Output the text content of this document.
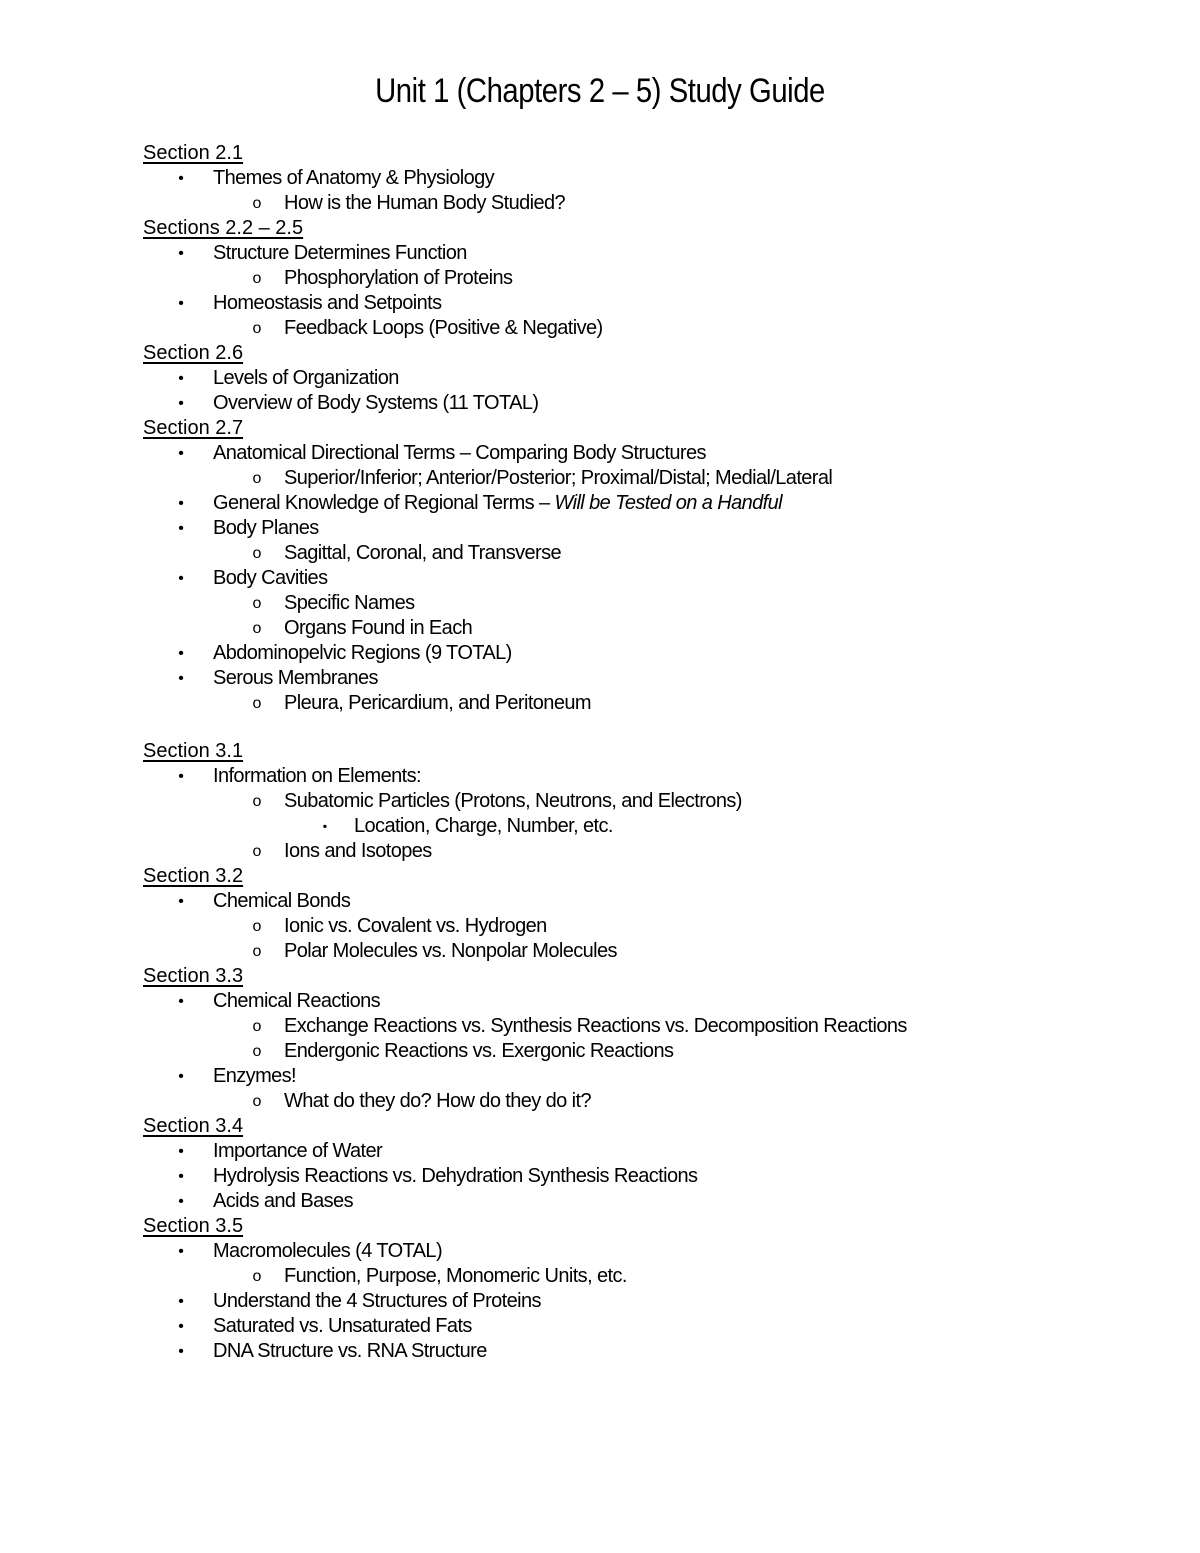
Unit 1 (Chapters 2 – 5) Study Guide
Section 2.1
• Themes of Anatomy & Physiology
o How is the Human Body Studied?
Sections 2.2 – 2.5
• Structure Determines Function
o Phosphorylation of Proteins
• Homeostasis and Setpoints
o Feedback Loops (Positive & Negative)
Section 2.6
• Levels of Organization
• Overview of Body Systems (11 TOTAL)
Section 2.7
• Anatomical Directional Terms – Comparing Body Structures
o Superior/Inferior; Anterior/Posterior; Proximal/Distal; Medial/Lateral
• General Knowledge of Regional Terms – Will be Tested on a Handful
• Body Planes
o Sagittal, Coronal, and Transverse
• Body Cavities
o Specific Names
o Organs Found in Each
• Abdominopelvic Regions (9 TOTAL)
• Serous Membranes
o Pleura, Pericardium, and Peritoneum
Section 3.1
• Information on Elements:
o Subatomic Particles (Protons, Neutrons, and Electrons)
▪ Location, Charge, Number, etc.
o Ions and Isotopes
Section 3.2
• Chemical Bonds
o Ionic vs. Covalent vs. Hydrogen
o Polar Molecules vs. Nonpolar Molecules
Section 3.3
• Chemical Reactions
o Exchange Reactions vs. Synthesis Reactions vs. Decomposition Reactions
o Endergonic Reactions vs. Exergonic Reactions
• Enzymes!
o What do they do? How do they do it?
Section 3.4
• Importance of Water
• Hydrolysis Reactions vs. Dehydration Synthesis Reactions
• Acids and Bases
Section 3.5
• Macromolecules (4 TOTAL)
o Function, Purpose, Monomeric Units, etc.
• Understand the 4 Structures of Proteins
• Saturated vs. Unsaturated Fats
• DNA Structure vs. RNA Structure
